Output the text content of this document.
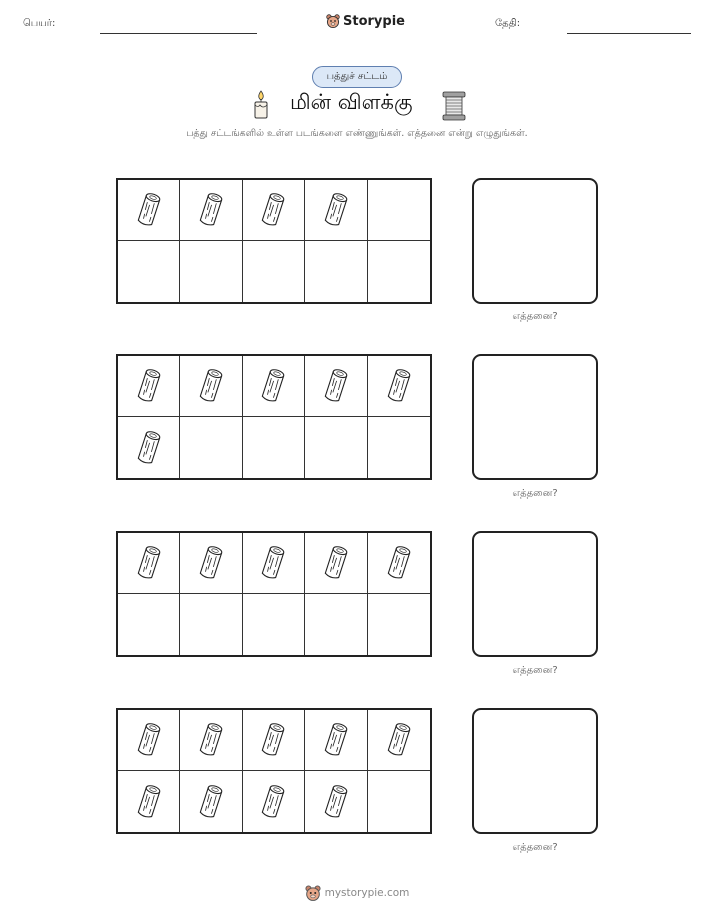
பெயர்:	Storypie	தேதி:
பத்துச் சட்டம்
மின் விளக்கு
பத்து சட்டங்களில் உள்ள படங்களை எண்ணுங்கள். எத்தனை என்று எழுதுங்கள்.
எத்தனை?
எத்தனை?
எத்தனை?
எத்தனை?
mystorypie.com
